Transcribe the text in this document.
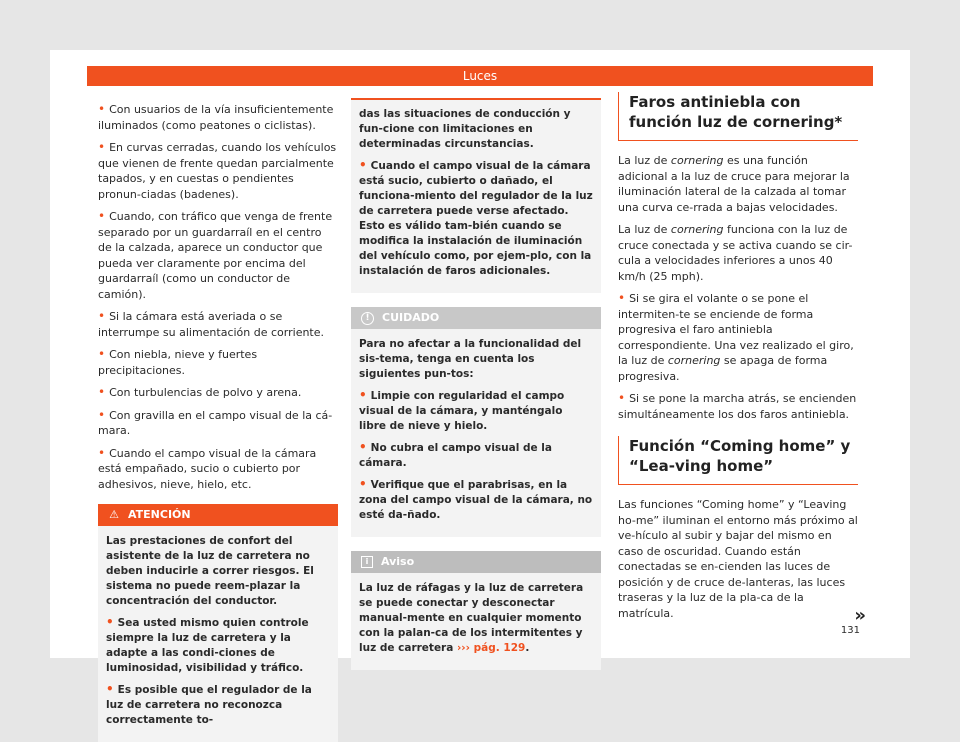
Luces

• Con usuarios de la vía insuficientemente iluminados (como peatones o ciclistas).

• En curvas cerradas, cuando los vehículos que vienen de frente quedan parcialmente tapados, y en cuestas o pendientes pronun-ciadas (badenes).

• Cuando, con tráfico que venga de frente separado por un guardarraíl en el centro de la calzada, aparece un conductor que pueda ver claramente por encima del guardarraíl (como un conductor de camión).

• Si la cámara está averiada o se interrumpe su alimentación de corriente.

• Con niebla, nieve y fuertes precipitaciones.

• Con turbulencias de polvo y arena.

• Con gravilla en el campo visual de la cá-mara.

• Cuando el campo visual de la cámara está empañado, sucio o cubierto por adhesivos, nieve, hielo, etc.

⚠ ATENCIÓN

Las prestaciones de confort del asistente de la luz de carretera no deben inducirle a correr riesgos. El sistema no puede reem-plazar la concentración del conductor.

• Sea usted mismo quien controle siempre la luz de carretera y la adapte a las condi-ciones de luminosidad, visibilidad y tráfico.

• Es posible que el regulador de la luz de carretera no reconozca correctamente to-

das las situaciones de conducción y fun-cione con limitaciones en determinadas circunstancias.

• Cuando el campo visual de la cámara está sucio, cubierto o dañado, el funciona-miento del regulador de la luz de carretera puede verse afectado. Esto es válido tam-bién cuando se modifica la instalación de iluminación del vehículo como, por ejem-plo, con la instalación de faros adicionales.

!	CUIDADO

Para no afectar a la funcionalidad del sis-tema, tenga en cuenta los siguientes pun-tos:

• Limpie con regularidad el campo visual de la cámara, y manténgalo libre de nieve y hielo.

• No cubra el campo visual de la cámara.

• Verifique que el parabrisas, en la zona del campo visual de la cámara, no esté da-ñado.

i	Aviso

La luz de ráfagas y la luz de carretera se puede conectar y desconectar manual-mente en cualquier momento con la palan-ca de los intermitentes y luz de carretera ››› pág. 129.

Faros antiniebla con función luz de cornering*

La luz de cornering es una función adicional a la luz de cruce para mejorar la iluminación lateral de la calzada al tomar una curva ce-rrada a bajas velocidades.

La luz de cornering funciona con la luz de cruce conectada y se activa cuando se cir-cula a velocidades inferiores a unos 40 km/h (25 mph).

• Si se gira el volante o se pone el intermiten-te se enciende de forma progresiva el faro antiniebla correspondiente. Una vez realizado el giro, la luz de cornering se apaga de forma progresiva.

• Si se pone la marcha atrás, se encienden simultáneamente los dos faros antiniebla.

Función “Coming home” y “Lea-ving home”

Las funciones “Coming home” y “Leaving ho-me” iluminan el entorno más próximo al ve-hículo al subir y bajar del mismo en caso de oscuridad. Cuando están conectadas se en-cienden las luces de posición y de cruce de-lanteras, las luces traseras y la luz de la pla-ca de la matrícula.	»
131
